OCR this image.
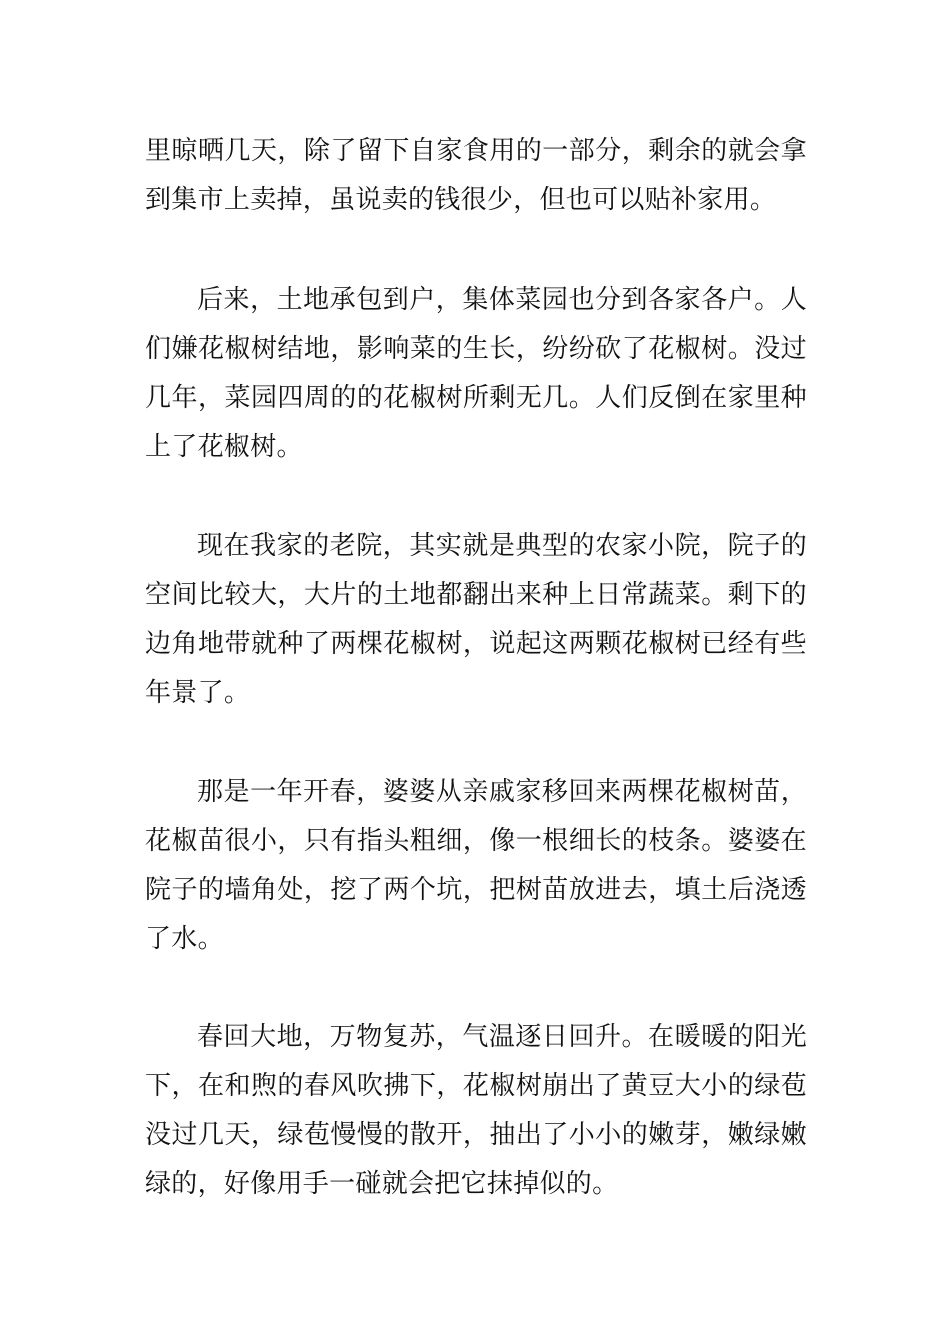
里晾晒几天，除了留下自家食用的一部分，剩余的就会拿到集市上卖掉，虽说卖的钱很少，但也可以贴补家用。

后来，土地承包到户，集体菜园也分到各家各户。人们嫌花椒树结地，影响菜的生长，纷纷砍了花椒树。没过几年，菜园四周的的花椒树所剩无几。人们反倒在家里种上了花椒树。

现在我家的老院，其实就是典型的农家小院，院子的空间比较大，大片的土地都翻出来种上日常蔬菜。剩下的边角地带就种了两棵花椒树，说起这两颗花椒树已经有些年景了。

那是一年开春，婆婆从亲戚家移回来两棵花椒树苗，花椒苗很小，只有指头粗细，像一根细长的枝条。婆婆在院子的墙角处，挖了两个坑，把树苗放进去，填土后浇透了水。

春回大地，万物复苏，气温逐日回升。在暖暖的阳光下，在和煦的春风吹拂下，花椒树崩出了黄豆大小的绿苞没过几天，绿苞慢慢的散开，抽出了小小的嫩芽，嫩绿嫩绿的，好像用手一碰就会把它抹掉似的。
